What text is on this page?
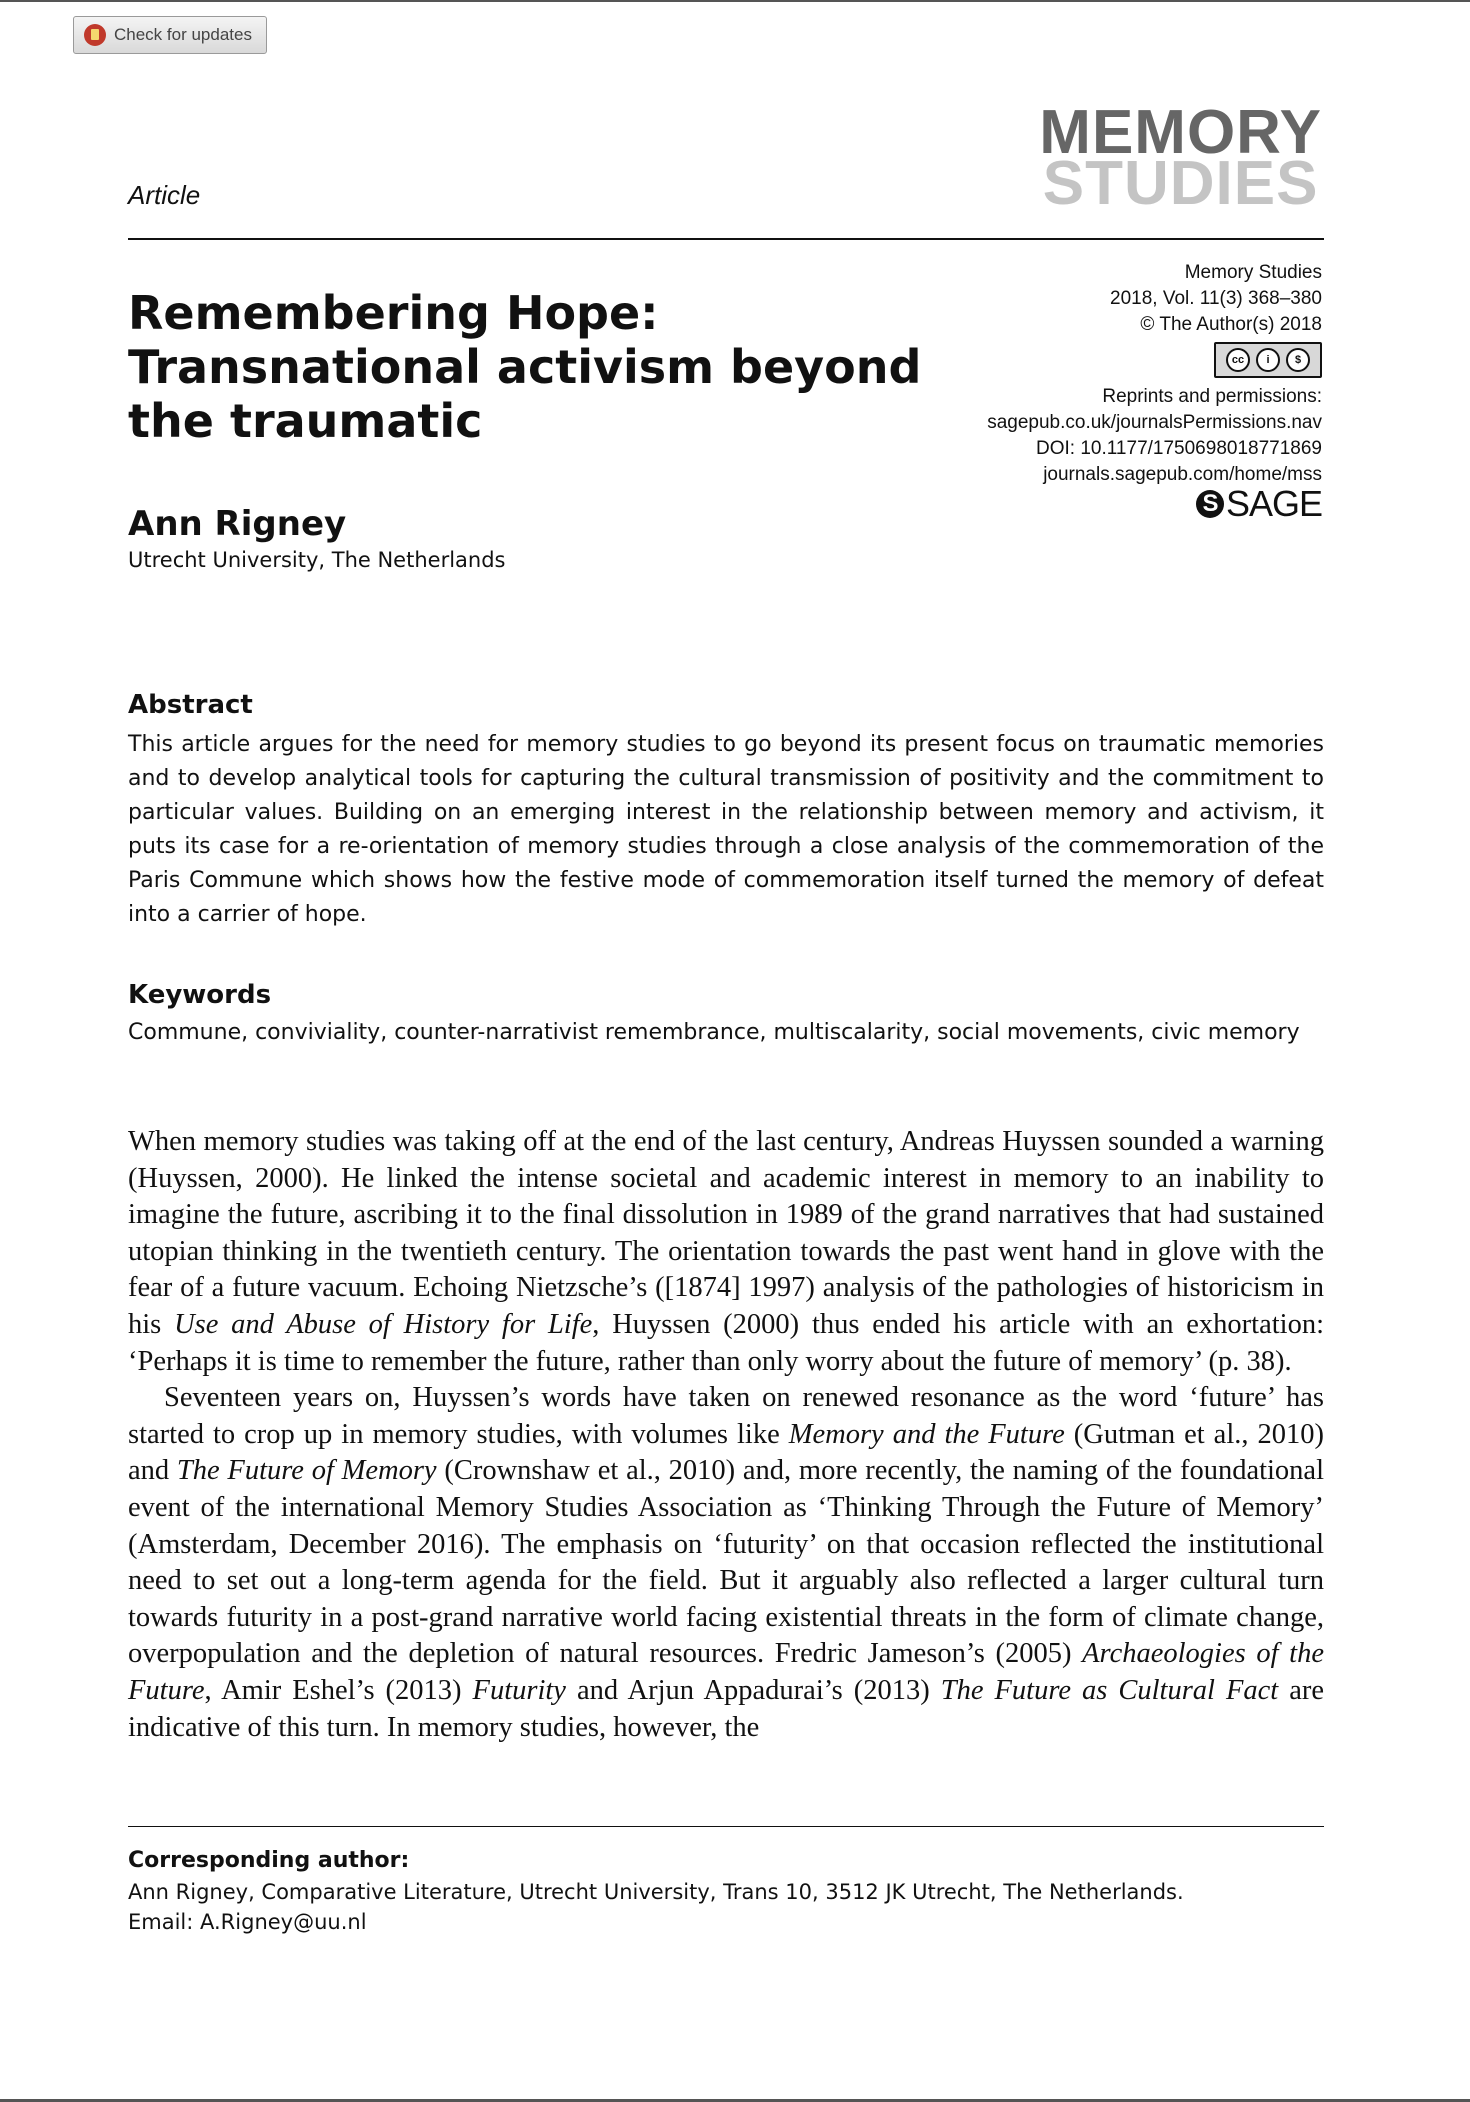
Check for updates
MEMORY
STUDIES
Article
Memory Studies
2018, Vol. 11(3) 368–380
© The Author(s) 2018
cc	i	$
Reprints and permissions:
sagepub.co.uk/journalsPermissions.nav
DOI: 10.1177/1750698018771869
journals.sagepub.com/home/mss
S SAGE
Remembering Hope: Transnational activism beyond the traumatic
Ann Rigney
Utrecht University, The Netherlands
Abstract
This article argues for the need for memory studies to go beyond its present focus on traumatic memories and to develop analytical tools for capturing the cultural transmission of positivity and the commitment to particular values. Building on an emerging interest in the relationship between memory and activism, it puts its case for a re-orientation of memory studies through a close analysis of the commemoration of the Paris Commune which shows how the festive mode of commemoration itself turned the memory of defeat into a carrier of hope.
Keywords
Commune, conviviality, counter-narrativist remembrance, multiscalarity, social movements, civic memory

When memory studies was taking off at the end of the last century, Andreas Huyssen sounded a warning (Huyssen, 2000). He linked the intense societal and academic interest in memory to an inability to imagine the future, ascribing it to the final dissolution in 1989 of the grand narratives that had sustained utopian thinking in the twentieth century. The orientation towards the past went hand in glove with the fear of a future vacuum. Echoing Nietzsche’s ([1874] 1997) analysis of the pathologies of historicism in his Use and Abuse of History for Life, Huyssen (2000) thus ended his article with an exhortation: ‘Perhaps it is time to remember the future, rather than only worry about the future of memory’ (p. 38).

Seventeen years on, Huyssen’s words have taken on renewed resonance as the word ‘future’ has started to crop up in memory studies, with volumes like Memory and the Future (Gutman et al., 2010) and The Future of Memory (Crownshaw et al., 2010) and, more recently, the naming of the foundational event of the international Memory Studies Association as ‘Thinking Through the Future of Memory’ (Amsterdam, December 2016). The emphasis on ‘futurity’ on that occasion reflected the institutional need to set out a long-term agenda for the field. But it arguably also reflected a larger cultural turn towards futurity in a post-grand narrative world facing existential threats in the form of climate change, overpopulation and the depletion of natural resources. Fredric Jameson’s (2005) Archaeologies of the Future, Amir Eshel’s (2013) Futurity and Arjun Appadurai’s (2013) The Future as Cultural Fact are indicative of this turn. In memory studies, however, the

Corresponding author:
Ann Rigney, Comparative Literature, Utrecht University, Trans 10, 3512 JK Utrecht, The Netherlands.
Email: A.Rigney@uu.nl
